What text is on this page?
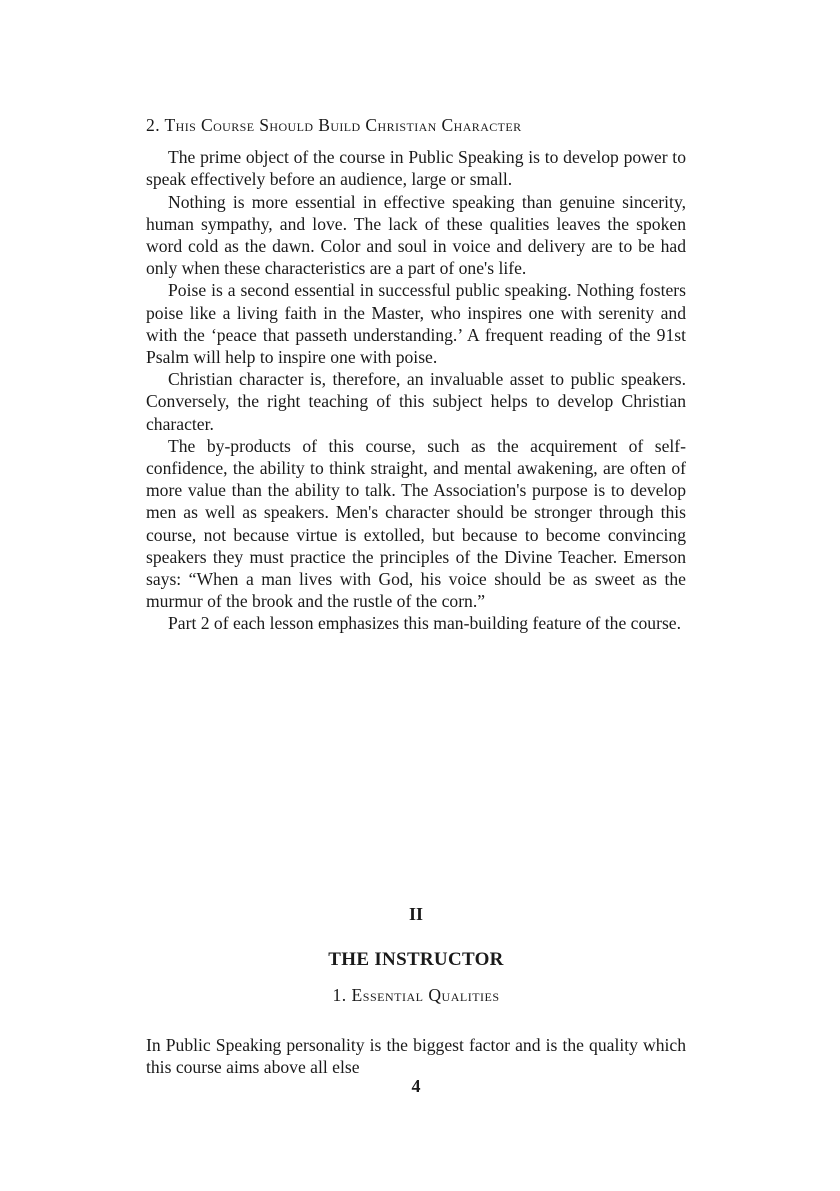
2. This Course Should Build Christian Character

The prime object of the course in Public Speaking is to develop power to speak effectively before an audience, large or small.

Nothing is more essential in effective speaking than genuine sincerity, human sympathy, and love. The lack of these qualities leaves the spoken word cold as the dawn. Color and soul in voice and delivery are to be had only when these characteristics are a part of one's life.

Poise is a second essential in successful public speaking. Nothing fosters poise like a living faith in the Master, who inspires one with serenity and with the ‘peace that passeth understanding.’ A frequent reading of the 91st Psalm will help to inspire one with poise.

Christian character is, therefore, an invaluable asset to public speakers. Conversely, the right teaching of this subject helps to develop Christian character.

The by-products of this course, such as the acquirement of self-confidence, the ability to think straight, and mental awakening, are often of more value than the ability to talk. The Association's purpose is to develop men as well as speakers. Men's character should be stronger through this course, not because virtue is extolled, but because to become convincing speakers they must practice the principles of the Divine Teacher. Emerson says: “When a man lives with God, his voice should be as sweet as the murmur of the brook and the rustle of the corn.”

Part 2 of each lesson emphasizes this man-building feature of the course.

II
THE INSTRUCTOR
1. Essential Qualities

In Public Speaking personality is the biggest factor and is the quality which this course aims above all else

4
